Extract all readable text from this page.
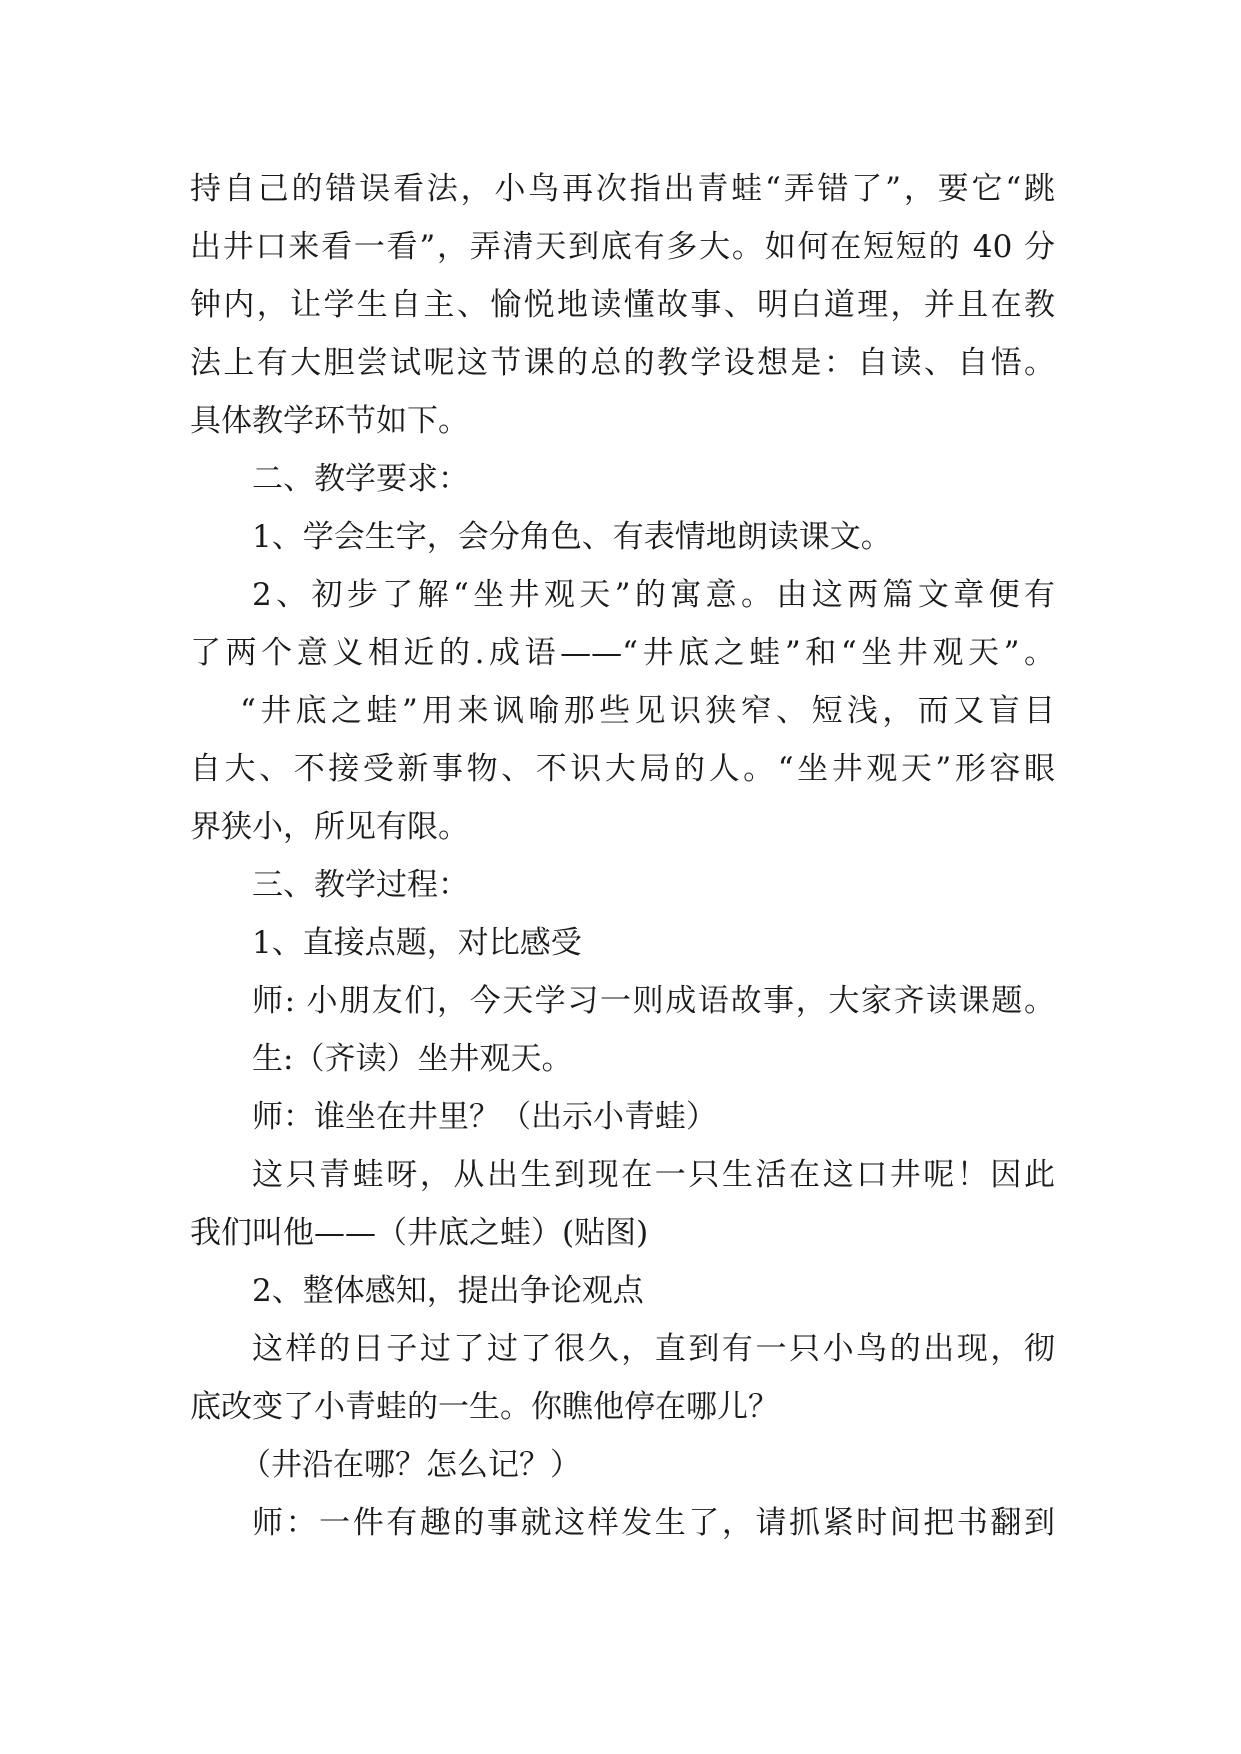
持自己的错误看法，小鸟再次指出青蛙“弄错了”，要它“跳
出井口来看一看”，弄清天到底有多大。如何在短短的 40 分
钟内，让学生自主、愉悦地读懂故事、明白道理，并且在教
法上有大胆尝试呢这节课的总的教学设想是：自读、自悟。
具体教学环节如下。
二、教学要求：
1、学会生字，会分角色、有表情地朗读课文。
2、初步了解“坐井观天”的寓意。由这两篇文章便有
了两个意义相近的.成语——“井底之蛙”和“坐井观天”。
“井底之蛙”用来讽喻那些见识狭窄、短浅，而又盲目
自大、不接受新事物、不识大局的人。“坐井观天”形容眼
界狭小，所见有限。
三、教学过程：
1、直接点题，对比感受
师: 小朋友们，今天学习一则成语故事，大家齐读课题。
生:（齐读）坐井观天。
师：谁坐在井里？（出示小青蛙）
这只青蛙呀，从出生到现在一只生活在这口井呢！因此
我们叫他——（井底之蛙）(贴图)
2、整体感知，提出争论观点
这样的日子过了过了很久，直到有一只小鸟的出现，彻
底改变了小青蛙的一生。你瞧他停在哪儿？
（井沿在哪？怎么记？）
师：一件有趣的事就这样发生了，请抓紧时间把书翻到
